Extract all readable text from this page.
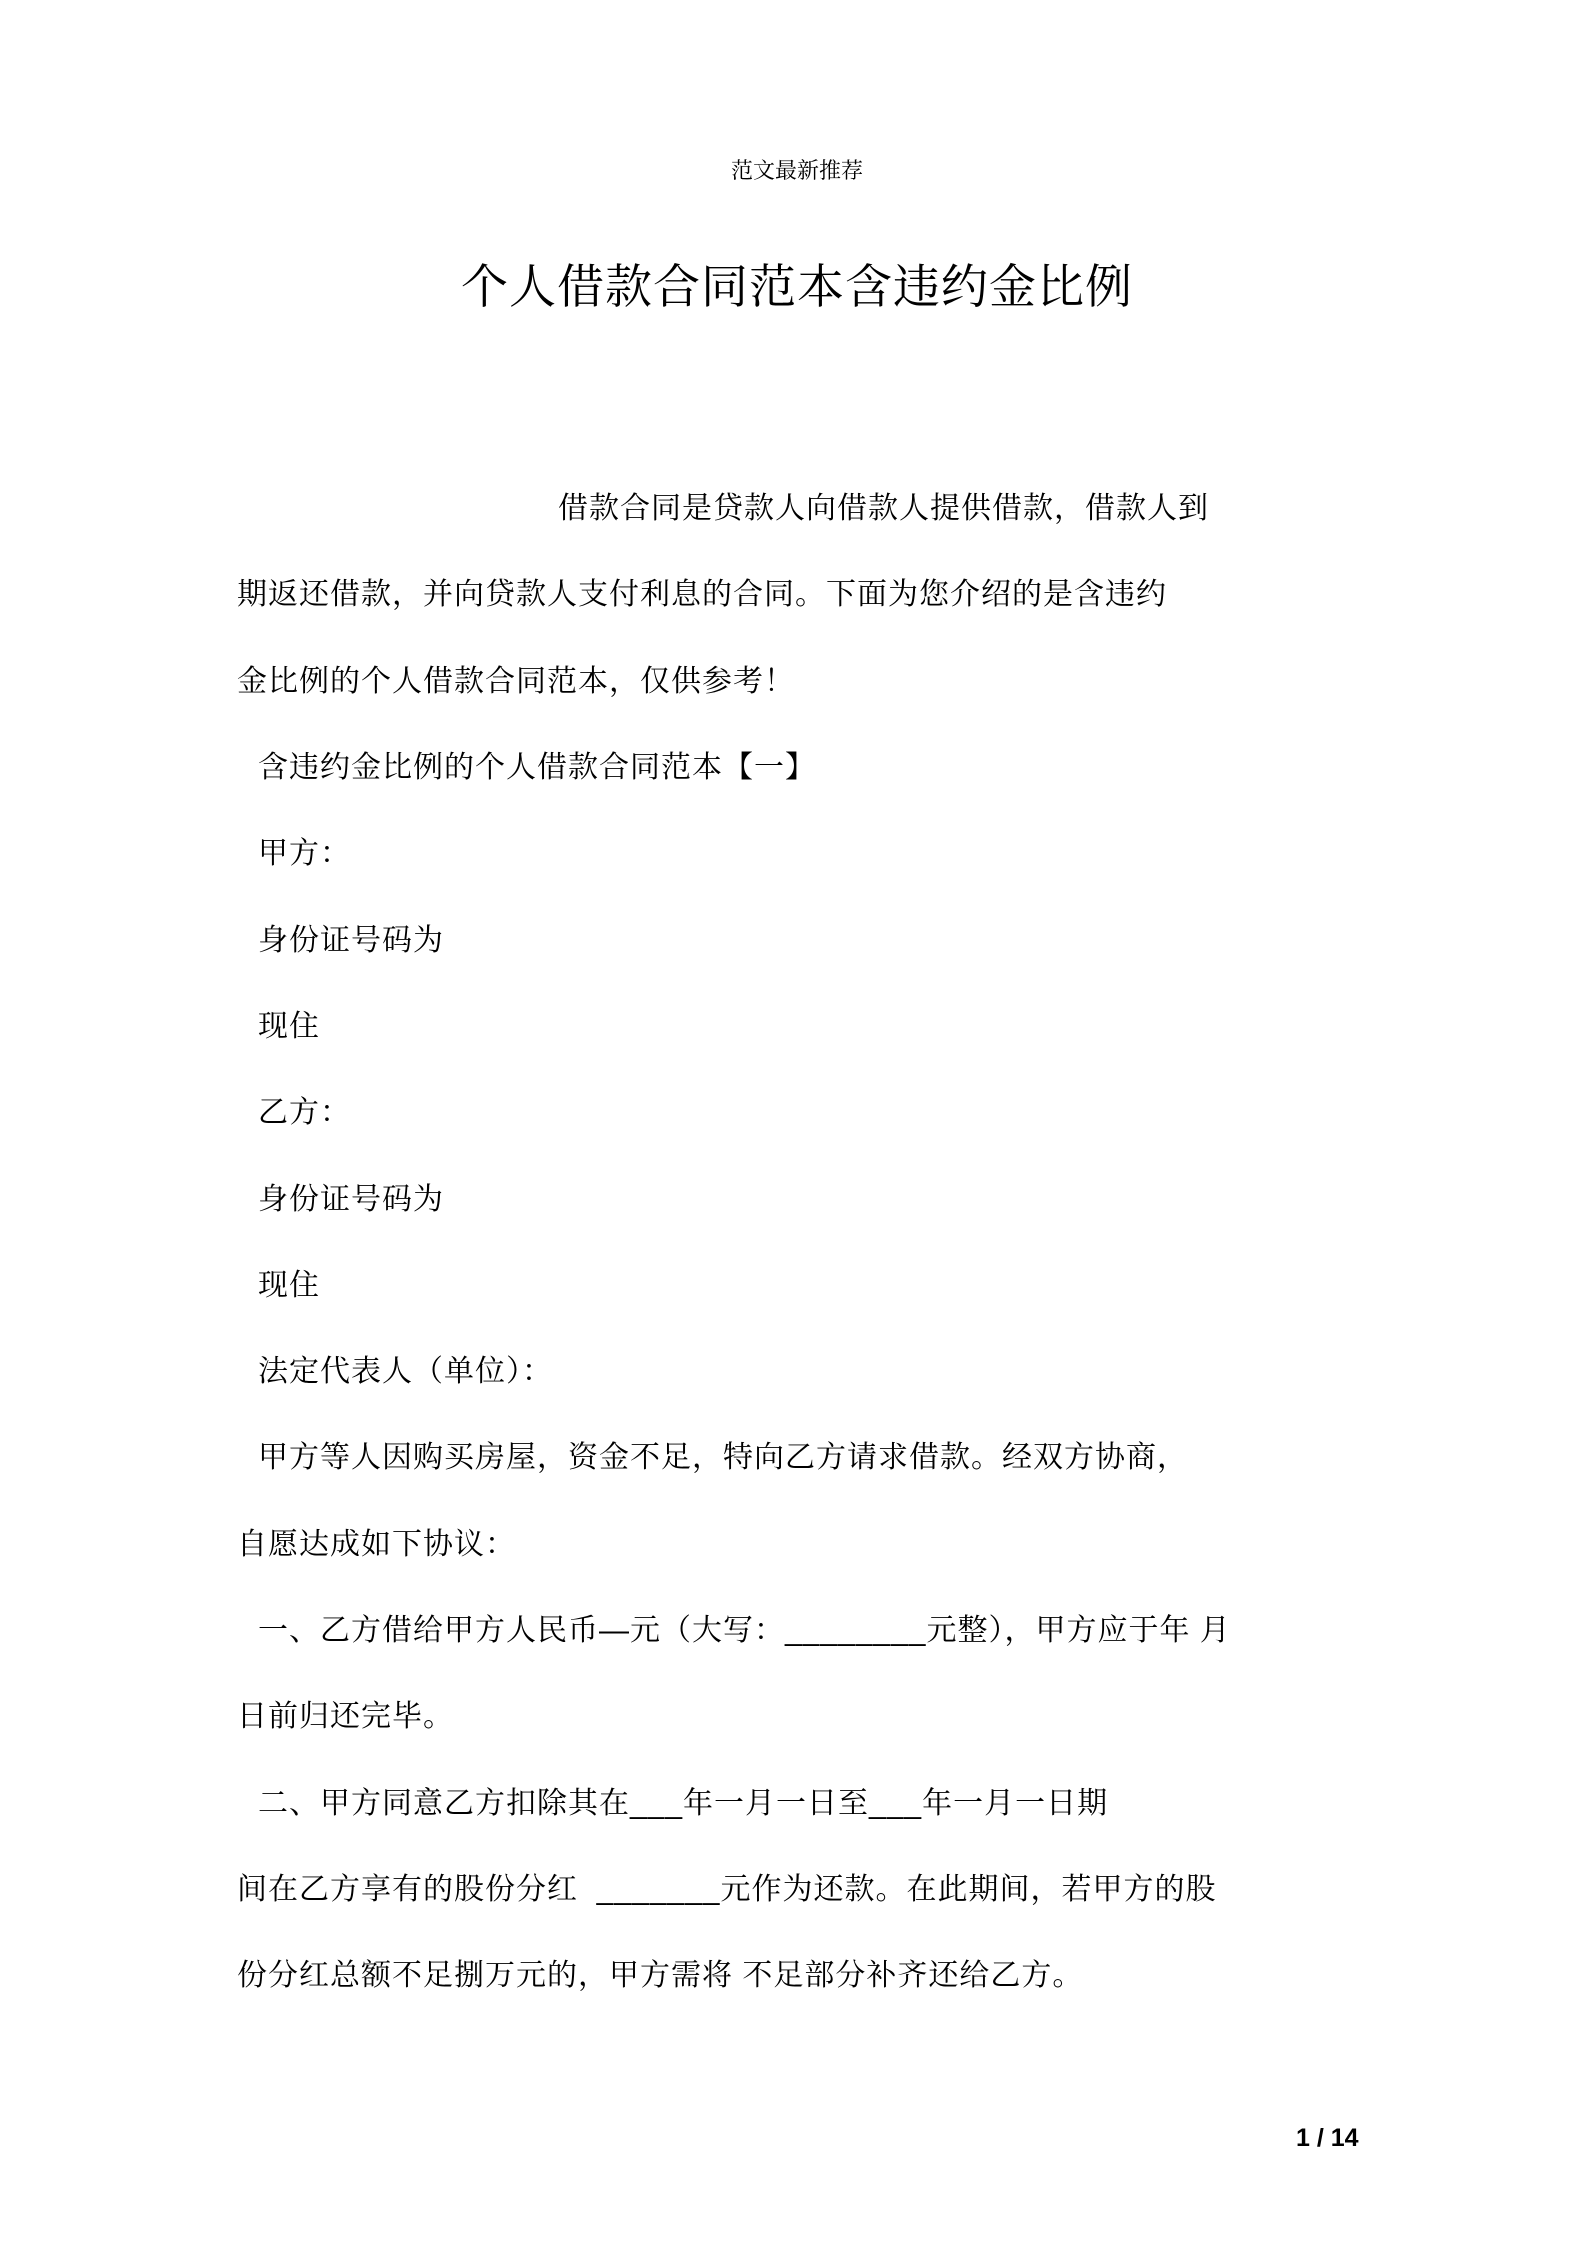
范文最新推荐
个人借款合同范本含违约金比例
借款合同是贷款人向借款人提供借款，借款人到
期返还借款，并向贷款人支付利息的合同。下面为您介绍的是含违约
金比例的个人借款合同范本，仅供参考！
含违约金比例的个人借款合同范本【一】
甲方：
身份证号码为
现住
乙方：
身份证号码为
现住
法定代表人（单位）：
甲方等人因购买房屋，资金不足，特向乙方请求借款。经双方协商，
自愿达成如下协议：
一、乙方借给甲方人民币—元（大写：________元整），甲方应于年 月
日前归还完毕。
二、甲方同意乙方扣除其在___年一月一日至___年一月一日期
间在乙方享有的股份分红  _______元作为还款。在此期间，若甲方的股
份分红总额不足捌万元的，甲方需将 不足部分补齐还给乙方。
1 / 14
